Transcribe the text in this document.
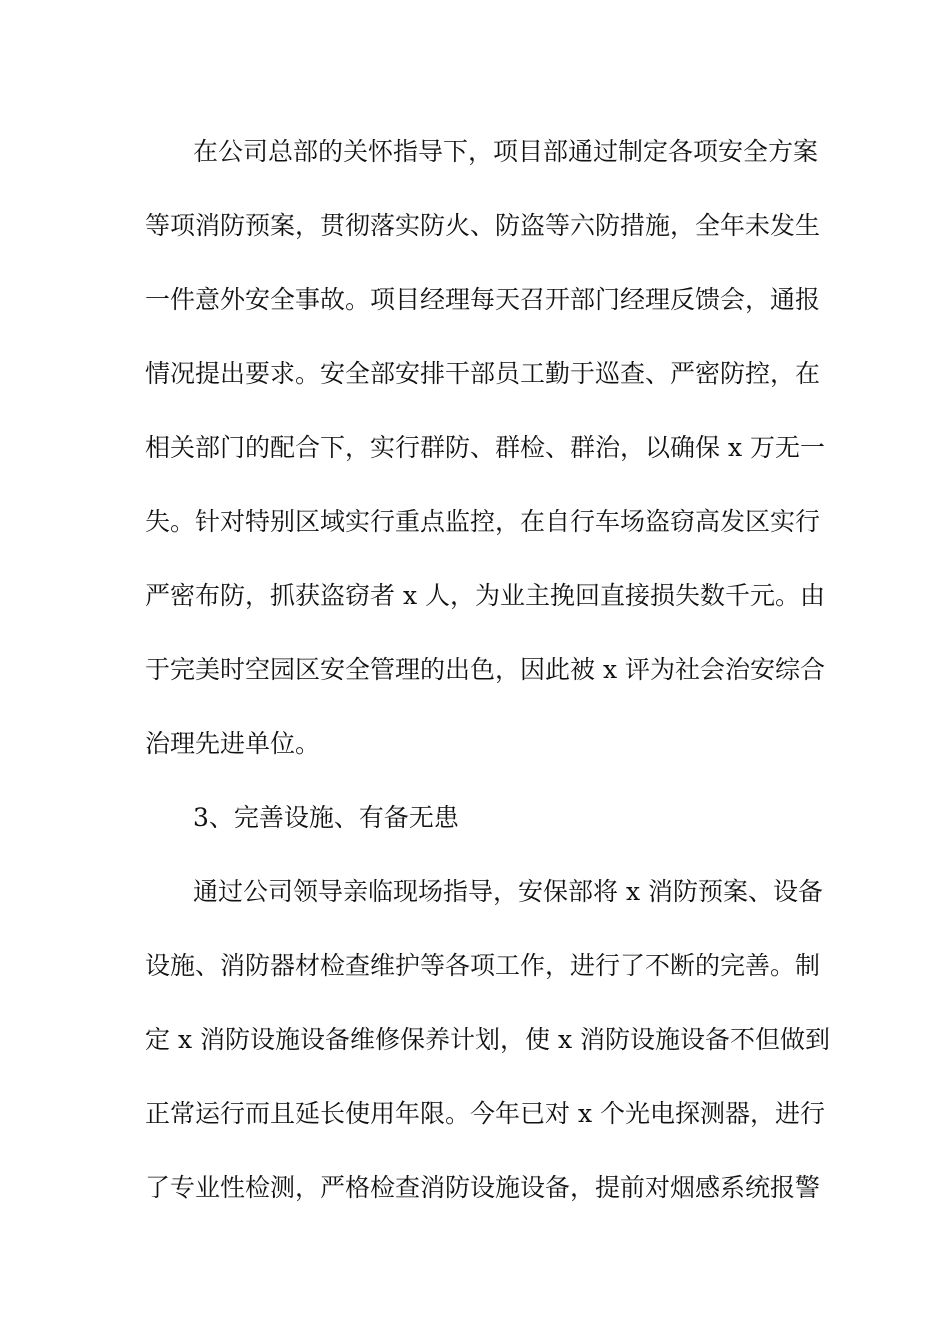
在公司总部的关怀指导下，项目部通过制定各项安全方案
等项消防预案，贯彻落实防火、防盗等六防措施，全年未发生
一件意外安全事故。项目经理每天召开部门经理反馈会，通报
情况提出要求。安全部安排干部员工勤于巡查、严密防控，在
相关部门的配合下，实行群防、群检、群治，以确保 x 万无一
失。针对特别区域实行重点监控，在自行车场盗窃高发区实行
严密布防，抓获盗窃者 x 人，为业主挽回直接损失数千元。由
于完美时空园区安全管理的出色，因此被 x 评为社会治安综合
治理先进单位。
3、完善设施、有备无患
通过公司领导亲临现场指导，安保部将 x 消防预案、设备
设施、消防器材检查维护等各项工作，进行了不断的完善。制
定 x 消防设施设备维修保养计划，使 x 消防设施设备不但做到
正常运行而且延长使用年限。今年已对 x 个光电探测器，进行
了专业性检测，严格检查消防设施设备，提前对烟感系统报警
